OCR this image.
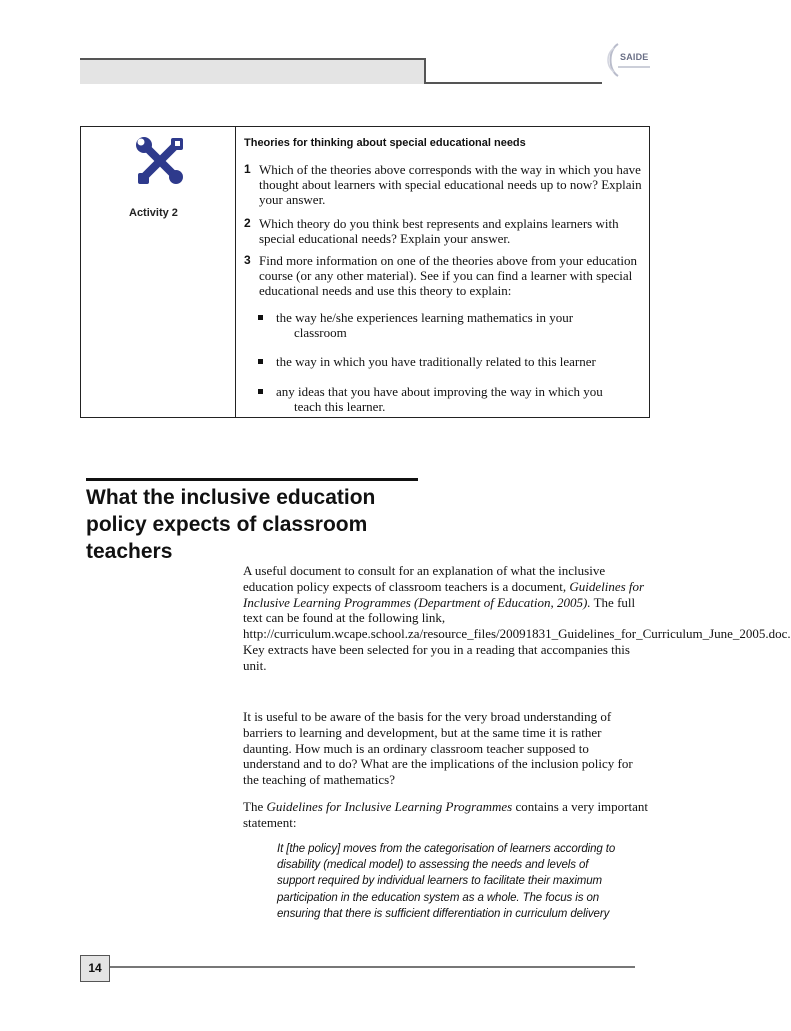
SAIDE
Activity 2
Theories for thinking about special educational needs
1 Which of the theories above corresponds with the way in which you have thought about learners with special educational needs up to now? Explain your answer.
2 Which theory do you think best represents and explains learners with special educational needs? Explain your answer.
3 Find more information on one of the theories above from your education course (or any other material). See if you can find a learner with special educational needs and use this theory to explain:
the way he/she experiences learning mathematics in your
classroom
the way in which you have traditionally related to this learner
any ideas that you have about improving the way in which you
teach this learner.
What the inclusive education policy expects of classroom teachers
A useful document to consult for an explanation of what the inclusive education policy expects of classroom teachers is a document, Guidelines for Inclusive Learning Programmes (Department of Education, 2005). The full text can be found at the following link, http://curriculum.wcape.school.za/resource_files/20091831_Guidelines_for_Curriculum_June_2005.doc. Key extracts have been selected for you in a reading that accompanies this unit.
It is useful to be aware of the basis for the very broad understanding of barriers to learning and development, but at the same time it is rather daunting. How much is an ordinary classroom teacher supposed to understand and to do? What are the implications of the inclusion policy for the teaching of mathematics?
The Guidelines for Inclusive Learning Programmes contains a very important statement:
It [the policy] moves from the categorisation of learners according to disability (medical model) to assessing the needs and levels of support required by individual learners to facilitate their maximum participation in the education system as a whole. The focus is on ensuring that there is sufficient differentiation in curriculum delivery
14
